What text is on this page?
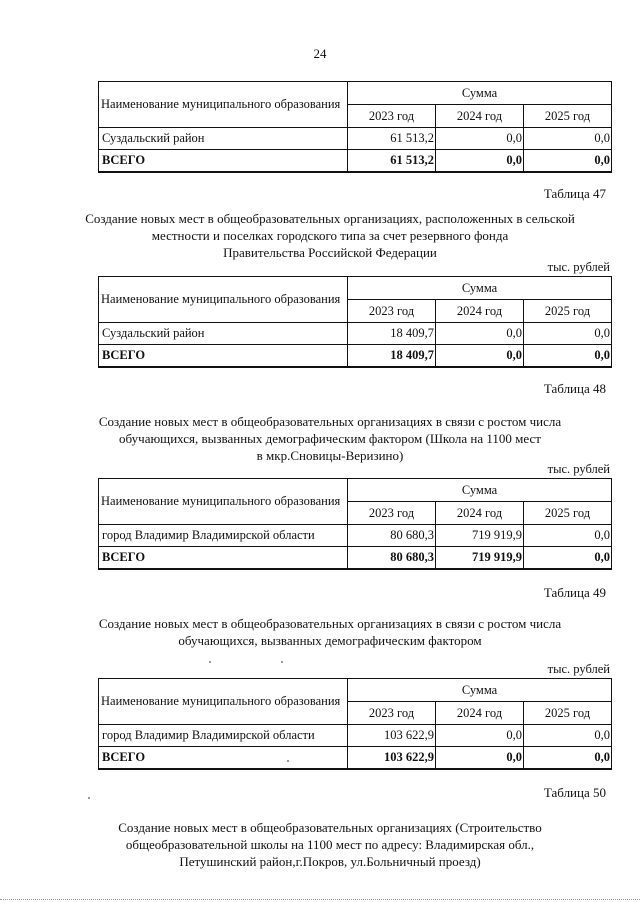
24
Наименование муниципального образования	Сумма		
	2023 год	2024 год	2025 год
Суздальский район	61 513,2	0,0	0,0
ВСЕГО	61 513,2	0,0	0,0
Таблица 47
Создание новых мест в общеобразовательных организациях, расположенных в сельской
местности и поселках городского типа за счет резервного фонда
Правительства Российской Федерации
тыс. рублей
Наименование муниципального образования	Сумма		
	2023 год	2024 год	2025 год
Суздальский район	18 409,7	0,0	0,0
ВСЕГО	18 409,7	0,0	0,0
Таблица 48
Создание новых мест в общеобразовательных организациях в связи с ростом числа
обучающихся, вызванных демографическим фактором (Школа на 1100 мест
в мкр.Сновицы-Веризино)
тыс. рублей
Наименование муниципального образования	Сумма		
	2023 год	2024 год	2025 год
город Владимир Владимирской области	80 680,3	719 919,9	0,0
ВСЕГО	80 680,3	719 919,9	0,0
Таблица 49
Создание новых мест в общеобразовательных организациях в связи с ростом числа
обучающихся, вызванных демографическим фактором
тыс. рублей
Наименование муниципального образования	Сумма		
	2023 год	2024 год	2025 год
город Владимир Владимирской области	103 622,9	0,0	0,0
ВСЕГО	103 622,9	0,0	0,0
Таблица 50
Создание новых мест в общеобразовательных организациях (Строительство
общеобразовательной школы на 1100 мест по адресу: Владимирская обл.,
Петушинский район,г.Покров, ул.Больничный проезд)
